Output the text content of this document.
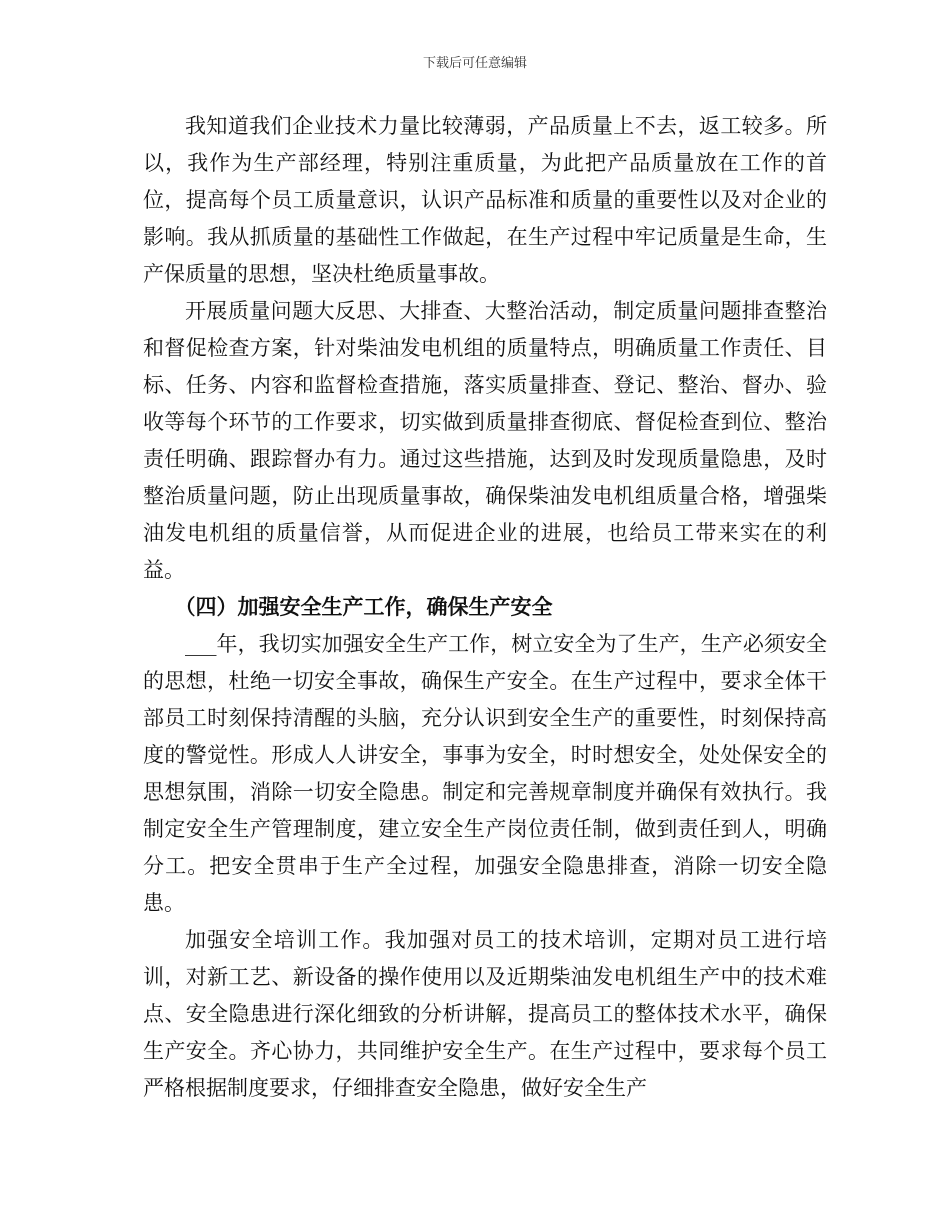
下载后可任意编辑

我知道我们企业技术力量比较薄弱，产品质量上不去，返工较多。所以，我作为生产部经理，特别注重质量，为此把产品质量放在工作的首位，提高每个员工质量意识，认识产品标准和质量的重要性以及对企业的影响。我从抓质量的基础性工作做起，在生产过程中牢记质量是生命，生产保质量的思想，坚决杜绝质量事故。

开展质量问题大反思、大排查、大整治活动，制定质量问题排查整治和督促检查方案，针对柴油发电机组的质量特点，明确质量工作责任、目标、任务、内容和监督检查措施，落实质量排查、登记、整治、督办、验收等每个环节的工作要求，切实做到质量排查彻底、督促检查到位、整治责任明确、跟踪督办有力。通过这些措施，达到及时发现质量隐患，及时整治质量问题，防止出现质量事故，确保柴油发电机组质量合格，增强柴油发电机组的质量信誉，从而促进企业的进展，也给员工带来实在的利益。

（四）加强安全生产工作，确保生产安全

___年，我切实加强安全生产工作，树立安全为了生产，生产必须安全的思想，杜绝一切安全事故，确保生产安全。在生产过程中，要求全体干部员工时刻保持清醒的头脑，充分认识到安全生产的重要性，时刻保持高度的警觉性。形成人人讲安全，事事为安全，时时想安全，处处保安全的思想氛围，消除一切安全隐患。制定和完善规章制度并确保有效执行。我制定安全生产管理制度，建立安全生产岗位责任制，做到责任到人，明确分工。把安全贯串于生产全过程，加强安全隐患排查，消除一切安全隐患。

加强安全培训工作。我加强对员工的技术培训，定期对员工进行培训，对新工艺、新设备的操作使用以及近期柴油发电机组生产中的技术难点、安全隐患进行深化细致的分析讲解，提高员工的整体技术水平，确保生产安全。齐心协力，共同维护安全生产。在生产过程中，要求每个员工严格根据制度要求，仔细排查安全隐患，做好安全生产
